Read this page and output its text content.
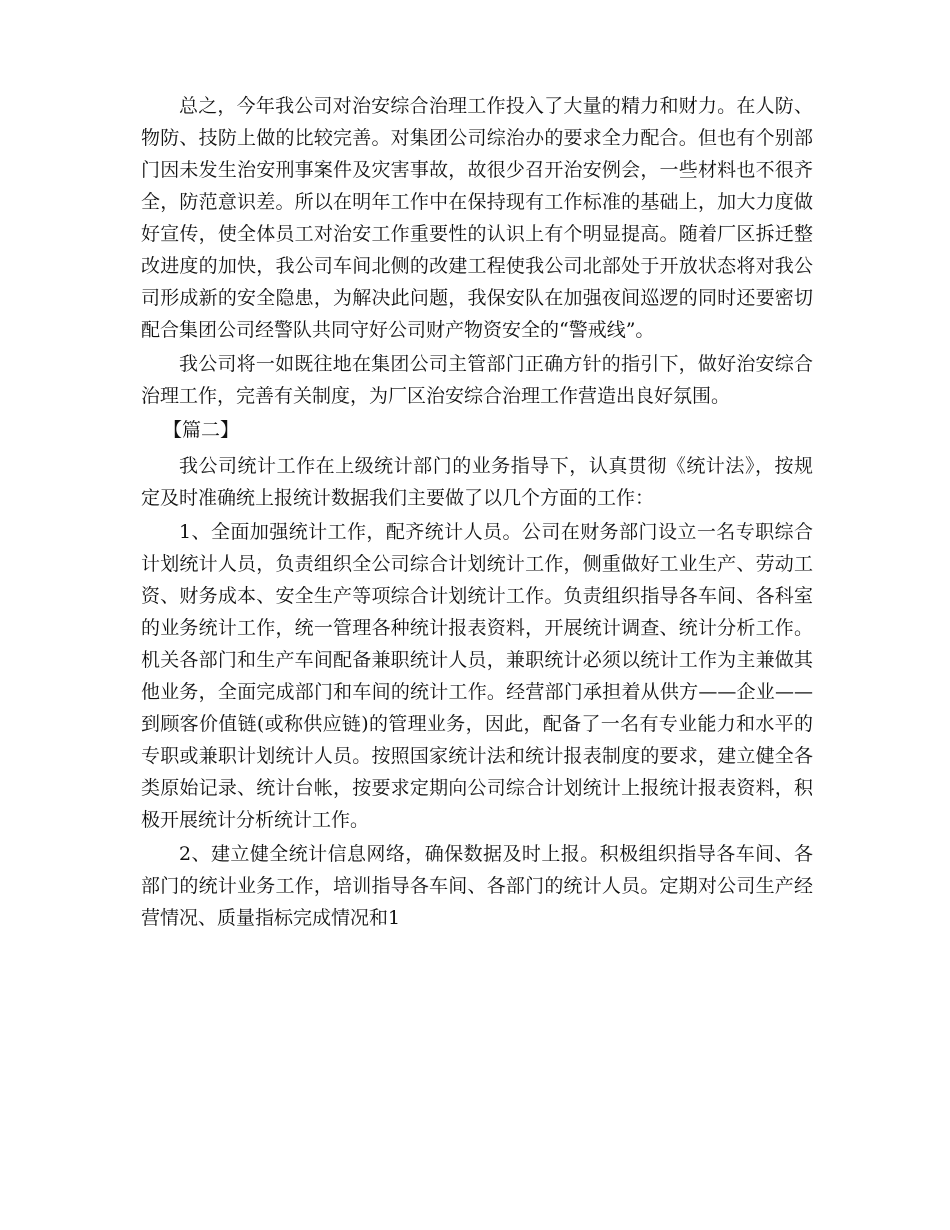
总之，今年我公司对治安综合治理工作投入了大量的精力和财力。在人防、物防、技防上做的比较完善。对集团公司综治办的要求全力配合。但也有个别部门因未发生治安刑事案件及灾害事故，故很少召开治安例会，一些材料也不很齐全，防范意识差。所以在明年工作中在保持现有工作标准的基础上，加大力度做好宣传，使全体员工对治安工作重要性的认识上有个明显提高。随着厂区拆迁整改进度的加快，我公司车间北侧的改建工程使我公司北部处于开放状态将对我公司形成新的安全隐患，为解决此问题，我保安队在加强夜间巡逻的同时还要密切配合集团公司经警队共同守好公司财产物资安全的“警戒线”。

我公司将一如既往地在集团公司主管部门正确方针的指引下，做好治安综合治理工作，完善有关制度，为厂区治安综合治理工作营造出良好氛围。

【篇二】

我公司统计工作在上级统计部门的业务指导下，认真贯彻《统计法》，按规定及时准确统上报统计数据我们主要做了以几个方面的工作：

1、全面加强统计工作，配齐统计人员。公司在财务部门设立一名专职综合计划统计人员，负责组织全公司综合计划统计工作，侧重做好工业生产、劳动工资、财务成本、安全生产等项综合计划统计工作。负责组织指导各车间、各科室的业务统计工作，统一管理各种统计报表资料，开展统计调查、统计分析工作。机关各部门和生产车间配备兼职统计人员，兼职统计必须以统计工作为主兼做其他业务，全面完成部门和车间的统计工作。经营部门承担着从供方——企业——到顾客价值链(或称供应链)的管理业务，因此，配备了一名有专业能力和水平的专职或兼职计划统计人员。按照国家统计法和统计报表制度的要求，建立健全各类原始记录、统计台帐，按要求定期向公司综合计划统计上报统计报表资料，积极开展统计分析统计工作。

2、建立健全统计信息网络，确保数据及时上报。积极组织指导各车间、各部门的统计业务工作，培训指导各车间、各部门的统计人员。定期对公司生产经营情况、质量指标完成情况和1
